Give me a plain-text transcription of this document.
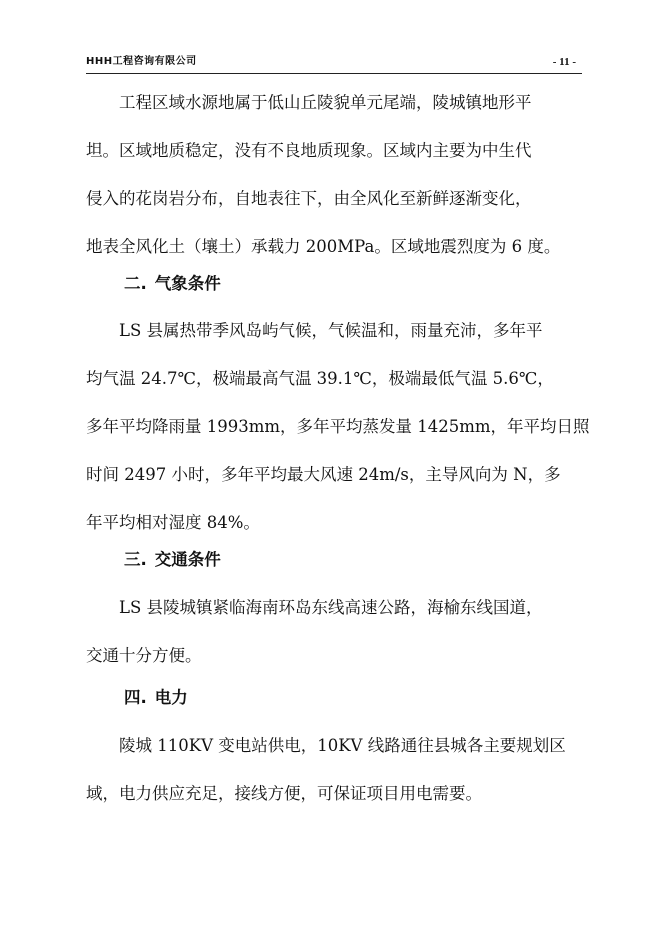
HHH工程咨询有限公司	- 11 -

　　工程区域水源地属于低山丘陵貌单元尾端，陵城镇地形平
坦。区域地质稳定，没有不良地质现象。区域内主要为中生代
侵入的花岗岩分布，自地表往下，由全风化至新鲜逐渐变化，
地表全风化土（壤土）承载力 200MPa。区域地震烈度为 6 度。

二. 气象条件

　　LS 县属热带季风岛屿气候，气候温和，雨量充沛，多年平
均气温 24.7℃，极端最高气温 39.1℃，极端最低气温 5.6℃，
多年平均降雨量 1993mm，多年平均蒸发量 1425mm，年平均日照
时间 2497 小时，多年平均最大风速 24m/s，主导风向为 N，多
年平均相对湿度 84%。

三. 交通条件

　　LS 县陵城镇紧临海南环岛东线高速公路，海榆东线国道，
交通十分方便。

四. 电力

　　陵城 110KV 变电站供电，10KV 线路通往县城各主要规划区
域，电力供应充足，接线方便，可保证项目用电需要。
